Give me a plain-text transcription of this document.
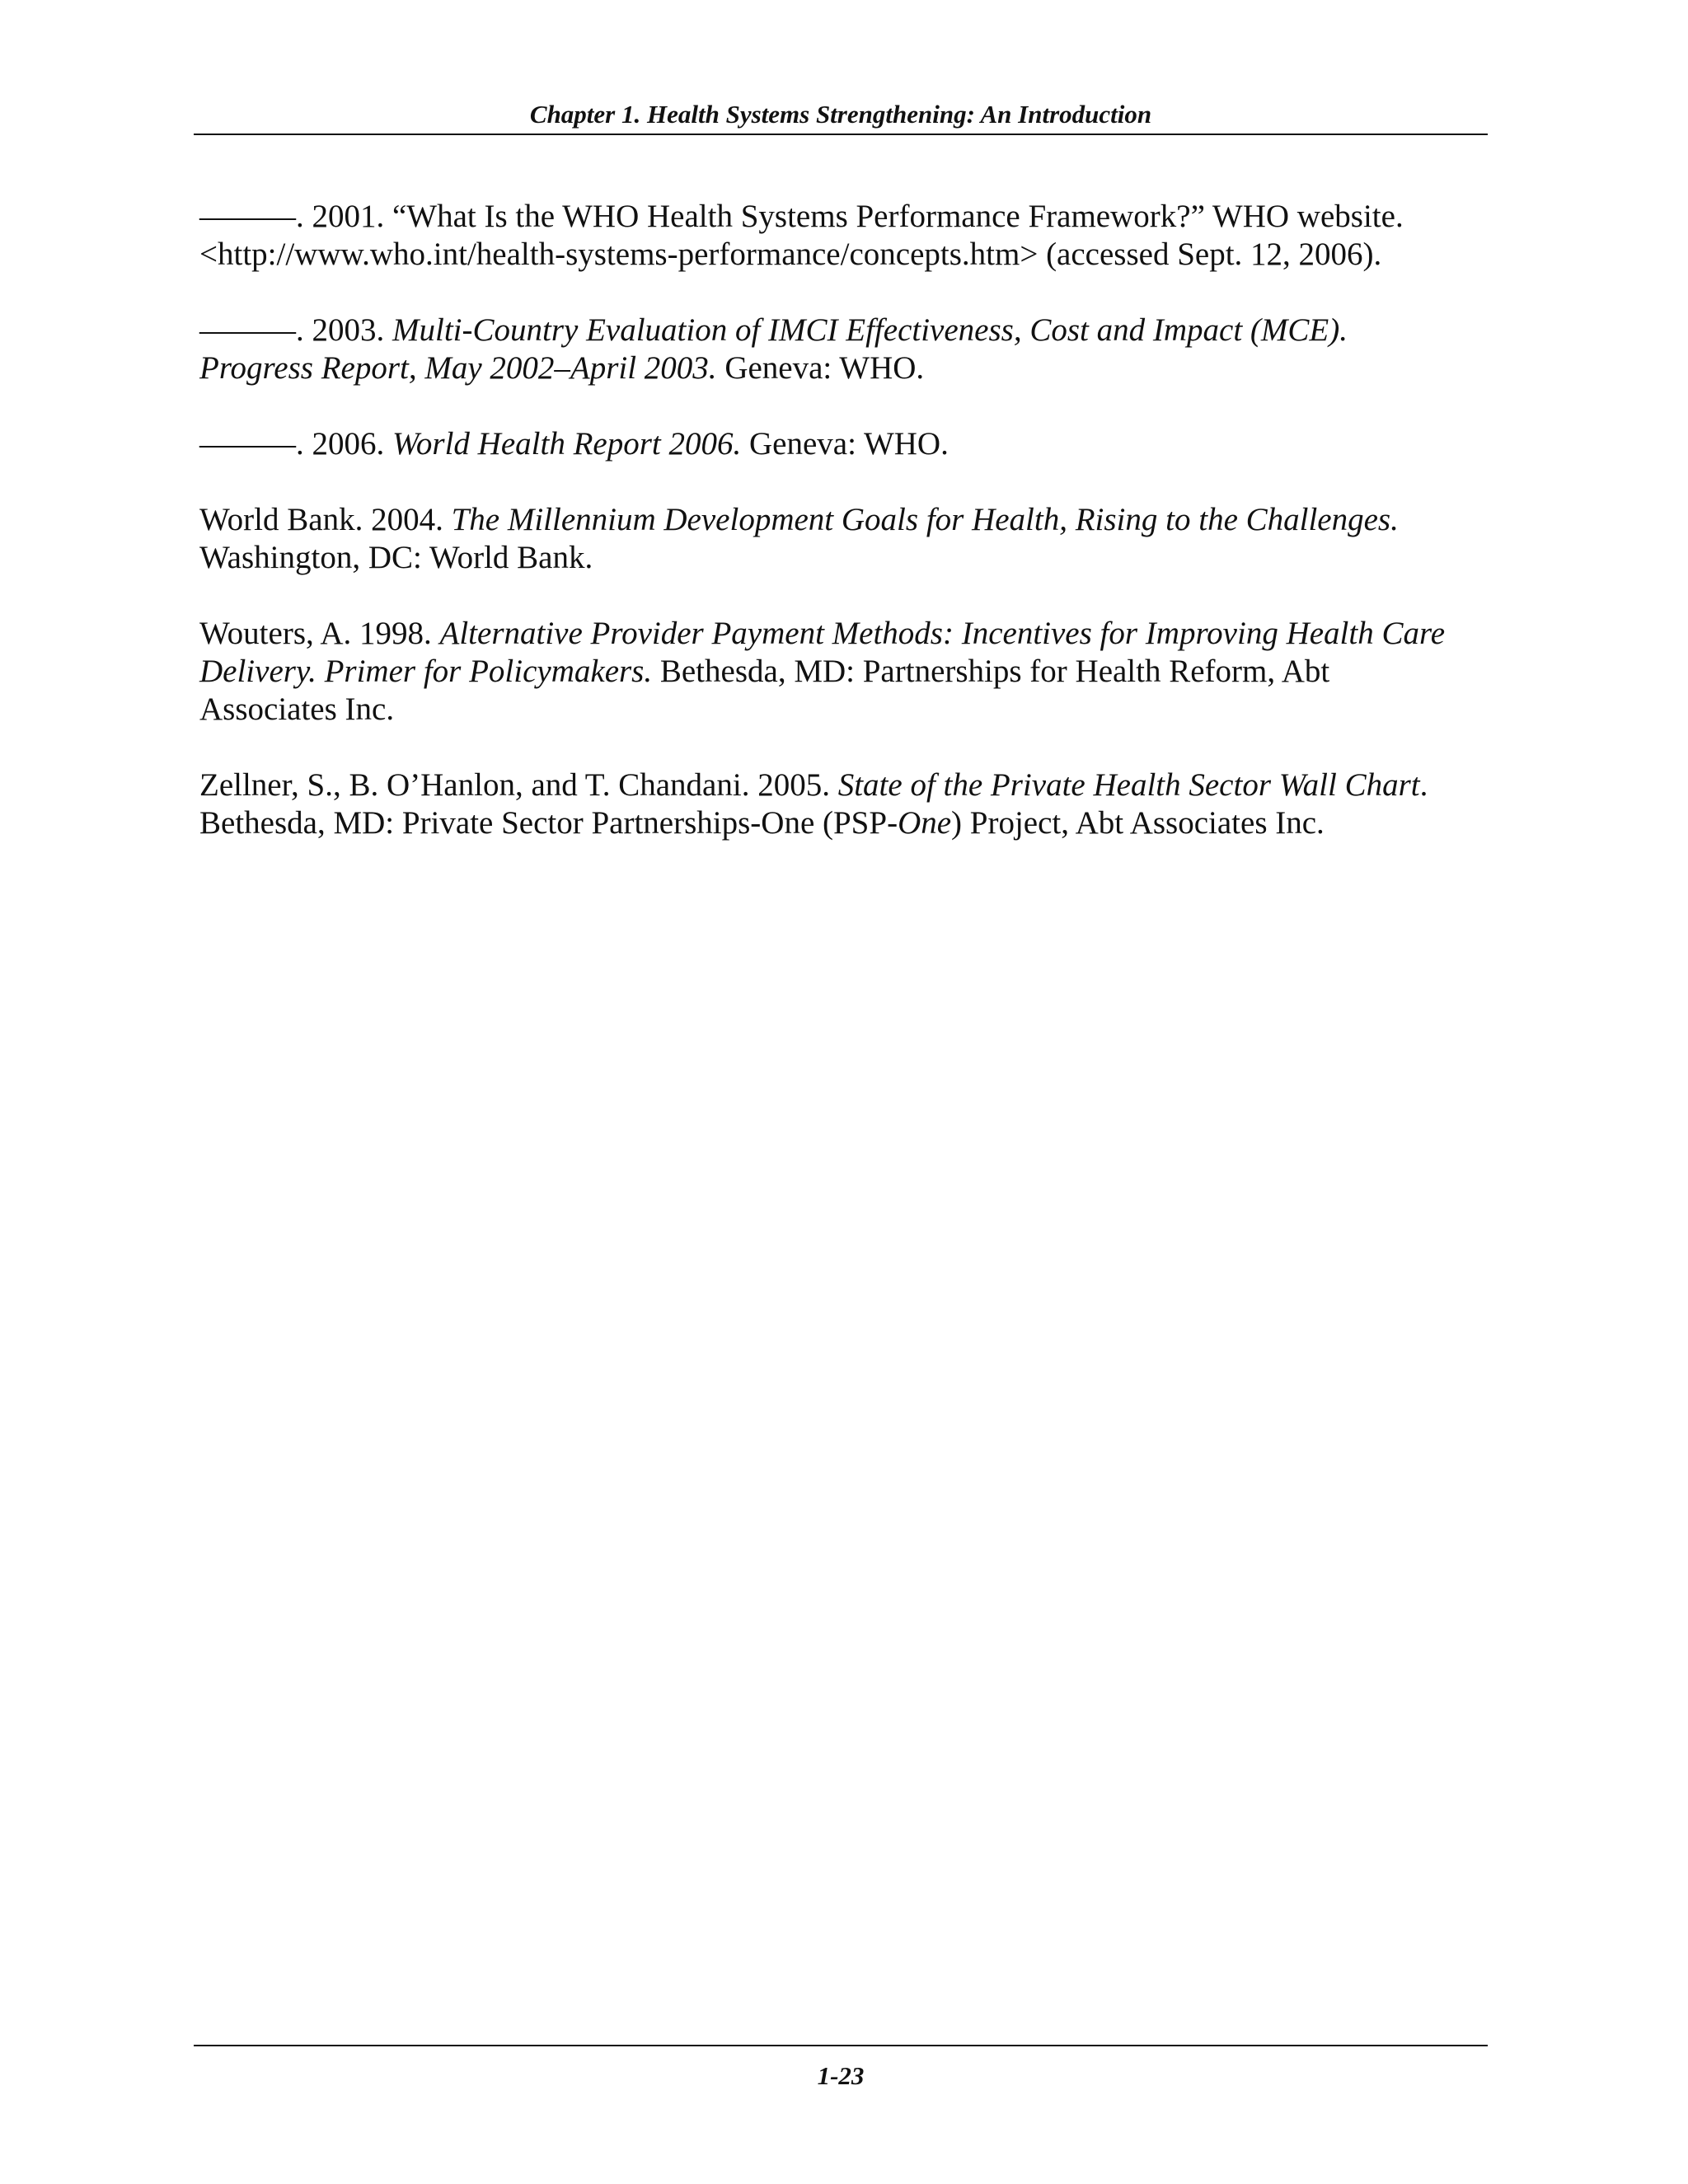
Chapter 1. Health Systems Strengthening: An Introduction

———. 2001. “What Is the WHO Health Systems Performance Framework?” WHO website.
<http://www.who.int/health-systems-performance/concepts.htm> (accessed Sept. 12, 2006).

———. 2003. Multi-Country Evaluation of IMCI Effectiveness, Cost and Impact (MCE).
Progress Report, May 2002–April 2003. Geneva: WHO.

———. 2006. World Health Report 2006. Geneva: WHO.

World Bank. 2004. The Millennium Development Goals for Health, Rising to the Challenges.
Washington, DC: World Bank.

Wouters, A. 1998. Alternative Provider Payment Methods: Incentives for Improving Health Care
Delivery. Primer for Policymakers. Bethesda, MD: Partnerships for Health Reform, Abt
Associates Inc.

Zellner, S., B. O’Hanlon, and T. Chandani. 2005. State of the Private Health Sector Wall Chart.
Bethesda, MD: Private Sector Partnerships-One (PSP-One) Project, Abt Associates Inc.

1-23
